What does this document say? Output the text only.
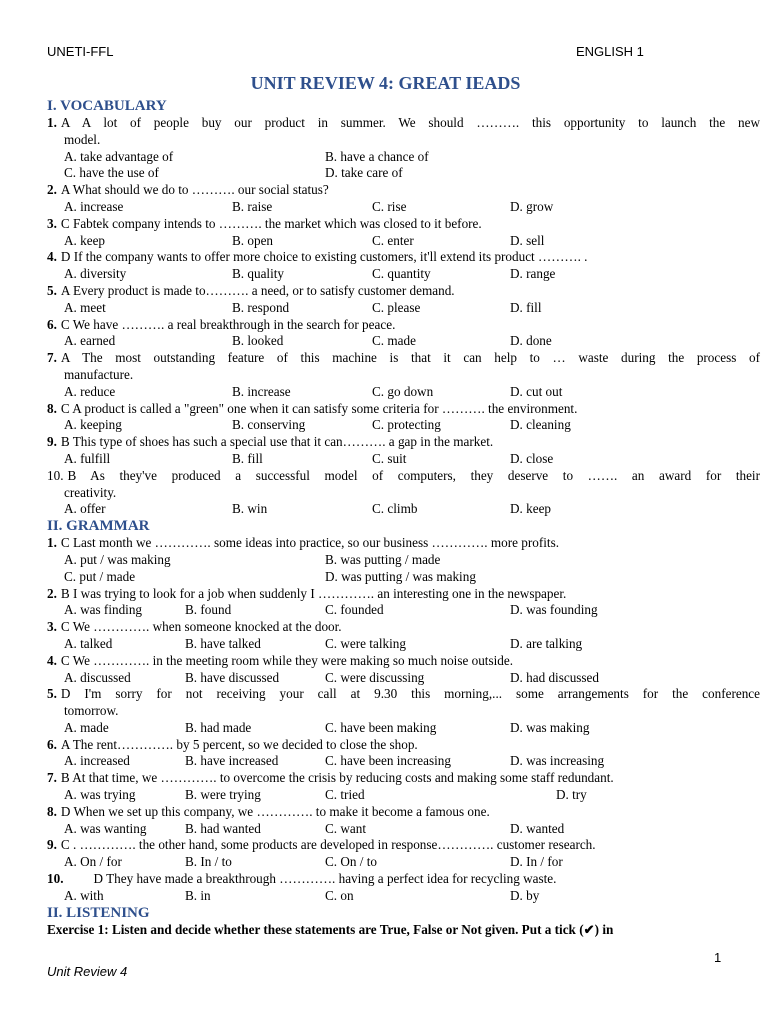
UNETI-FFL	ENGLISH 1
UNIT REVIEW 4: GREAT IEADS
I. VOCABULARY
1. A A lot of people buy our product in summer. We should ………. this opportunity to launch the new
model.
A. take advantage of	B. have a chance of
C. have the use of	D. take care of
2. A What should we do to ………. our social status?
A. increase	B. raise	C. rise	D. grow
3. C Fabtek company intends to ………. the market which was closed to it before.
A. keep	B. open	C. enter	D. sell
4. D If the company wants to offer more choice to existing customers, it'll extend its product ………. .
A. diversity	B. quality	C. quantity	D. range
5. A Every product is made to………. a need, or to satisfy customer demand.
A. meet	B. respond	C. please	D. fill
6. C We have ………. a real breakthrough in the search for peace.
A. earned	B. looked	C. made	D. done
7. A The most outstanding feature of this machine is that it can help to … waste during the process of
manufacture.
A. reduce	B. increase	C. go down	D. cut out
8. C A product is called a "green" one when it can satisfy some criteria for ………. the environment.
A. keeping	B. conserving	C. protecting	D. cleaning
9. B This type of shoes has such a special use that it can………. a gap in the market.
A. fulfill	B. fill	C. suit	D. close
10. B As they've produced a successful model of computers, they deserve to ……. an award for their
creativity.
A. offer	B. win	C. climb	D. keep
II. GRAMMAR
1. C Last month we …………. some ideas into practice, so our business …………. more profits.
A. put / was making	B. was putting / made
C. put / made	D. was putting / was making
2. B I was trying to look for a job when suddenly I …………. an interesting one in the newspaper.
A. was finding	B. found	C. founded	D. was founding
3. C We …………. when someone knocked at the door.
A. talked	B. have talked	C. were talking	D. are talking
4. C We …………. in the meeting room while they were making so much noise outside.
A. discussed	B. have discussed	C. were discussing	D. had discussed
5. D I'm sorry for not receiving your call at 9.30 this morning,... some arrangements for the conference
tomorrow.
A. made	B. had made	C. have been making	D. was making
6. A The rent…………. by 5 percent, so we decided to close the shop.
A. increased	B. have increased	C. have been increasing	D. was increasing
7. B At that time, we …………. to overcome the crisis by reducing costs and making some staff redundant.
A. was trying	B. were trying	C. tried	D. try
8. D When we set up this company, we …………. to make it become a famous one.
A. was wanting	B. had wanted	C. want	D. wanted
9. C . …………. the other hand, some products are developed in response…………. customer research.
A. On / for	B. In / to	C. On / to	D. In / for
10. D They have made a breakthrough …………. having a perfect idea for recycling waste.
A. with	B. in	C. on	D. by
II. LISTENING
Exercise 1: Listen and decide whether these statements are True, False or Not given. Put a tick (✔) in
1
Unit Review 4
